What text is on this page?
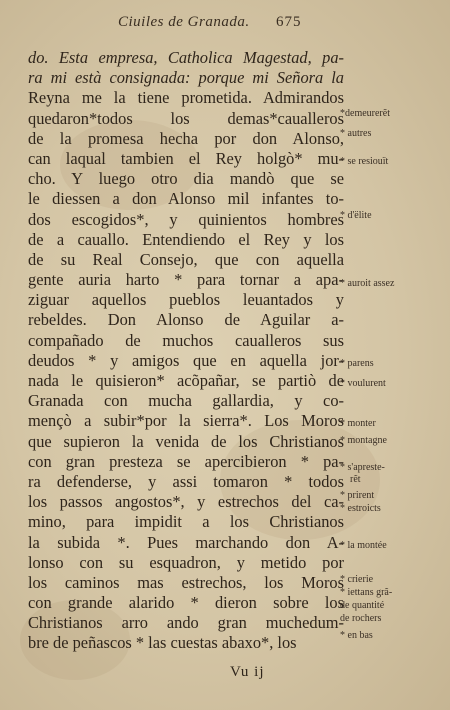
Ciuiles de Granada. 675
do. Esta empresa, Catholica Magestad, pa-
ra mi està consignada: porque mi Señora la
Reyna me la tiene prometida. Admirandos
quedaron*todos los demas*caualleros
de la promesa hecha por don Alonso,
can laqual tambien el Rey holgò* mu-
cho. Y luego otro dia mandò que se
le diessen a don Alonso mil infantes to-
dos escogidos*, y quinientos hombres
de a cauallo. Entendiendo el Rey y los
de su Real Consejo, que con aquella
gente auria harto * para tornar a apa-
ziguar aquellos pueblos leuantados y
rebeldes. Don Alonso de Aguilar a-
compañado de muchos caualleros sus
deudos * y amigos que en aquella jor-
nada le quisieron* acõpañar, se partiò de
Granada con mucha gallardia, y co-
mençò a subir*por la sierra*. Los Moros
que supieron la venida de los Christianos
con gran presteza se apercibieron * pa-
ra defenderse, y assi tomaron * todos
los passos angostos*, y estrechos del ca-
mino, para impidit a los Christianos
la subida *. Pues marchando don A-
lonso con su esquadron, y metido por
los caminos mas estrechos, los Moros
con grande alarido * dieron sobre los
Christianos arro ando gran muchedum-
bre de peñascos * las cuestas abaxo*, los
*demeurerẽt
* autres
* se resiouït
* d'ëlite
* auroit assez
* parens
* voulurent
* monter
* montagne
* s'apreste-
rẽt
* prirent
* estroicts
* la montée
* crierie
* iettans grã-
de quantité
de rochers
* en bas
Vu ij
